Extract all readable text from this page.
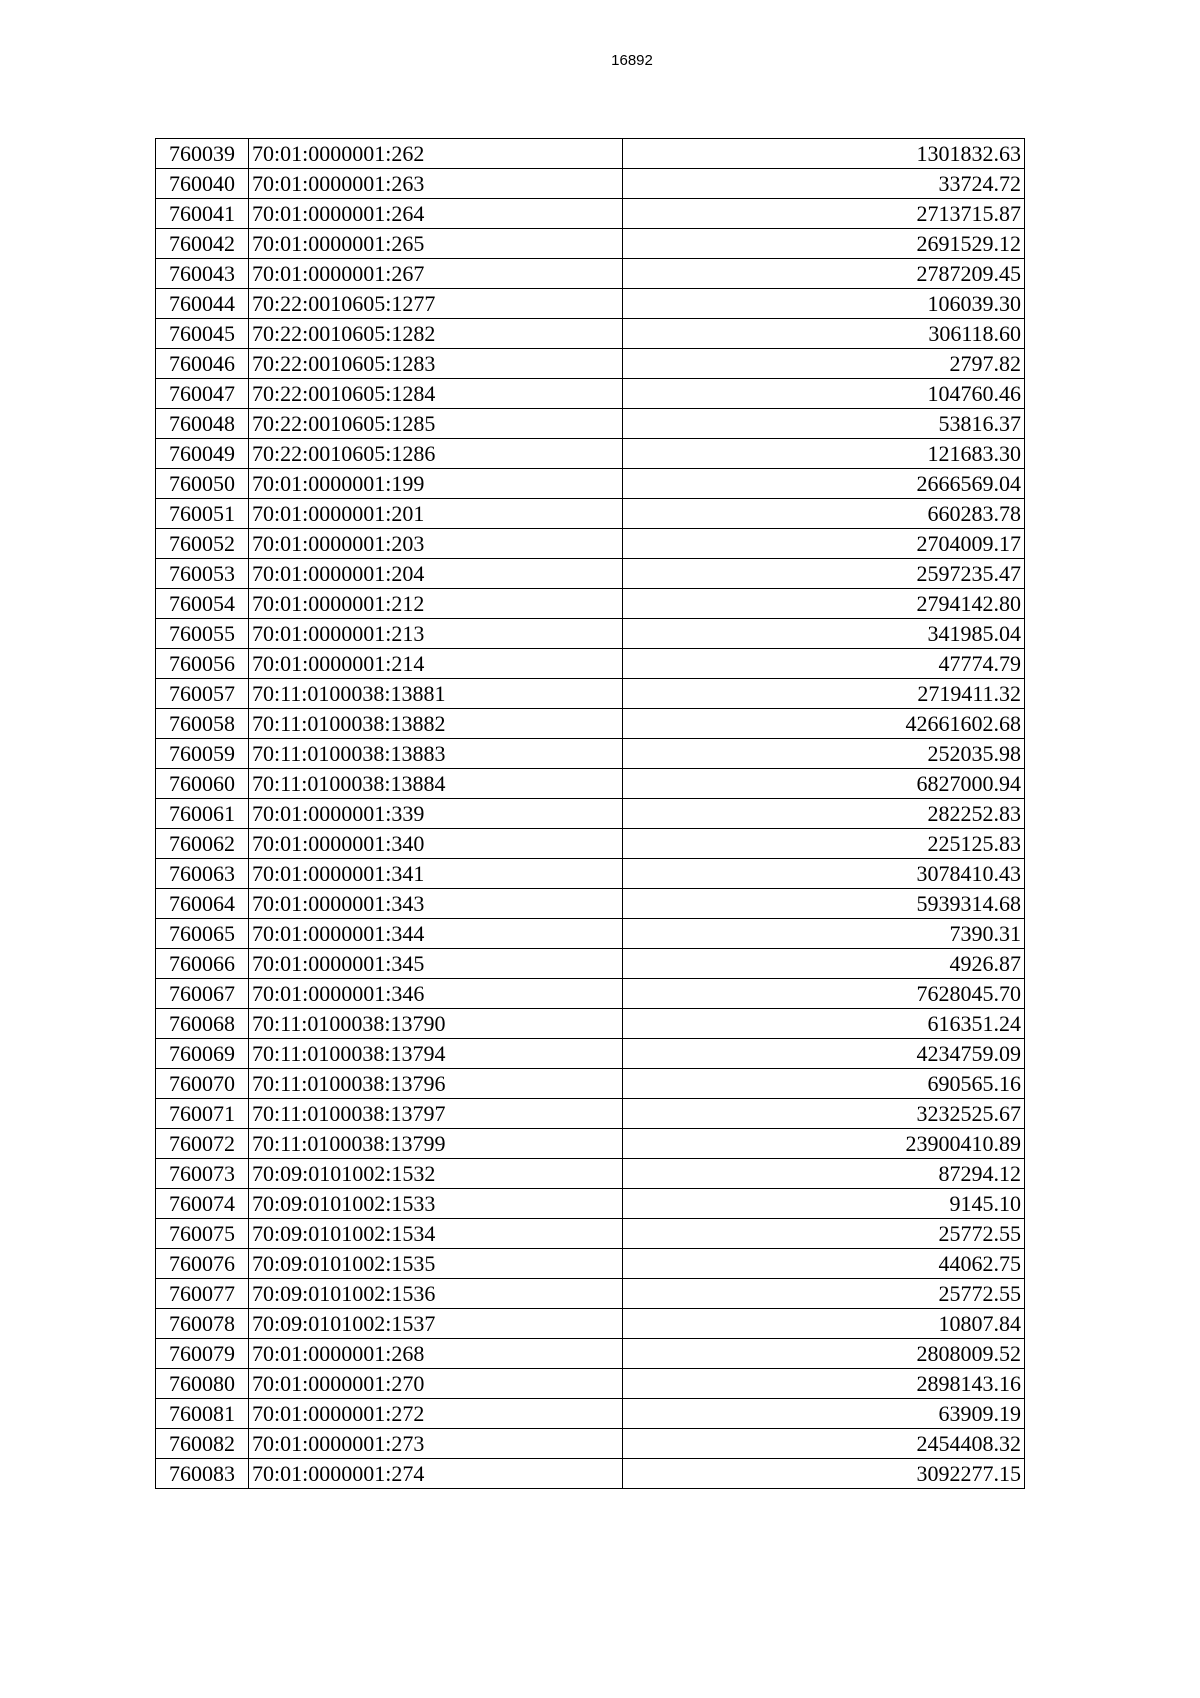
16892
760039	70:01:0000001:262	1301832.63
760040	70:01:0000001:263	33724.72
760041	70:01:0000001:264	2713715.87
760042	70:01:0000001:265	2691529.12
760043	70:01:0000001:267	2787209.45
760044	70:22:0010605:1277	106039.30
760045	70:22:0010605:1282	306118.60
760046	70:22:0010605:1283	2797.82
760047	70:22:0010605:1284	104760.46
760048	70:22:0010605:1285	53816.37
760049	70:22:0010605:1286	121683.30
760050	70:01:0000001:199	2666569.04
760051	70:01:0000001:201	660283.78
760052	70:01:0000001:203	2704009.17
760053	70:01:0000001:204	2597235.47
760054	70:01:0000001:212	2794142.80
760055	70:01:0000001:213	341985.04
760056	70:01:0000001:214	47774.79
760057	70:11:0100038:13881	2719411.32
760058	70:11:0100038:13882	42661602.68
760059	70:11:0100038:13883	252035.98
760060	70:11:0100038:13884	6827000.94
760061	70:01:0000001:339	282252.83
760062	70:01:0000001:340	225125.83
760063	70:01:0000001:341	3078410.43
760064	70:01:0000001:343	5939314.68
760065	70:01:0000001:344	7390.31
760066	70:01:0000001:345	4926.87
760067	70:01:0000001:346	7628045.70
760068	70:11:0100038:13790	616351.24
760069	70:11:0100038:13794	4234759.09
760070	70:11:0100038:13796	690565.16
760071	70:11:0100038:13797	3232525.67
760072	70:11:0100038:13799	23900410.89
760073	70:09:0101002:1532	87294.12
760074	70:09:0101002:1533	9145.10
760075	70:09:0101002:1534	25772.55
760076	70:09:0101002:1535	44062.75
760077	70:09:0101002:1536	25772.55
760078	70:09:0101002:1537	10807.84
760079	70:01:0000001:268	2808009.52
760080	70:01:0000001:270	2898143.16
760081	70:01:0000001:272	63909.19
760082	70:01:0000001:273	2454408.32
760083	70:01:0000001:274	3092277.15
